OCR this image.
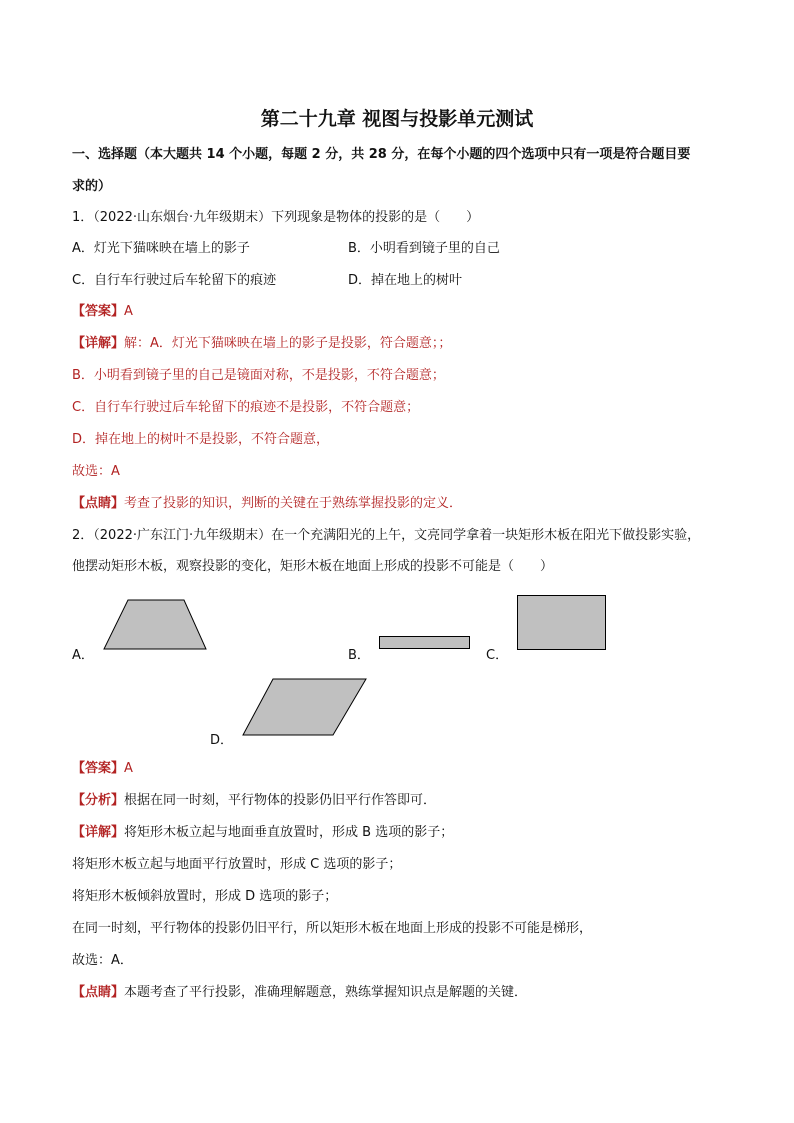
第二十九章 视图与投影单元测试
一、选择题（本大题共 14 个小题，每题 2 分，共 28 分，在每个小题的四个选项中只有一项是符合题目要
求的）
1．（2022·山东烟台·九年级期末）下列现象是物体的投影的是（　　）
A．灯光下猫咪映在墙上的影子	B．小明看到镜子里的自己
C．自行车行驶过后车轮留下的痕迹	D．掉在地上的树叶
【答案】A
【详解】解：A．灯光下猫咪映在墙上的影子是投影，符合题意；；
B．小明看到镜子里的自己是镜面对称，不是投影，不符合题意；
C．自行车行驶过后车轮留下的痕迹不是投影，不符合题意；
D．掉在地上的树叶不是投影，不符合题意，
故选：A
【点睛】考查了投影的知识，判断的关键在于熟练掌握投影的定义．
2．（2022·广东江门·九年级期末）在一个充满阳光的上午，文亮同学拿着一块矩形木板在阳光下做投影实验，
他摆动矩形木板，观察投影的变化，矩形木板在地面上形成的投影不可能是（　　）
A．	B．	C．
D．
【答案】A
【分析】根据在同一时刻，平行物体的投影仍旧平行作答即可．
【详解】将矩形木板立起与地面垂直放置时，形成 B 选项的影子；
将矩形木板立起与地面平行放置时，形成 C 选项的影子；
将矩形木板倾斜放置时，形成 D 选项的影子；
在同一时刻，平行物体的投影仍旧平行，所以矩形木板在地面上形成的投影不可能是梯形，
故选：A．
【点睛】本题考查了平行投影，准确理解题意，熟练掌握知识点是解题的关键．
